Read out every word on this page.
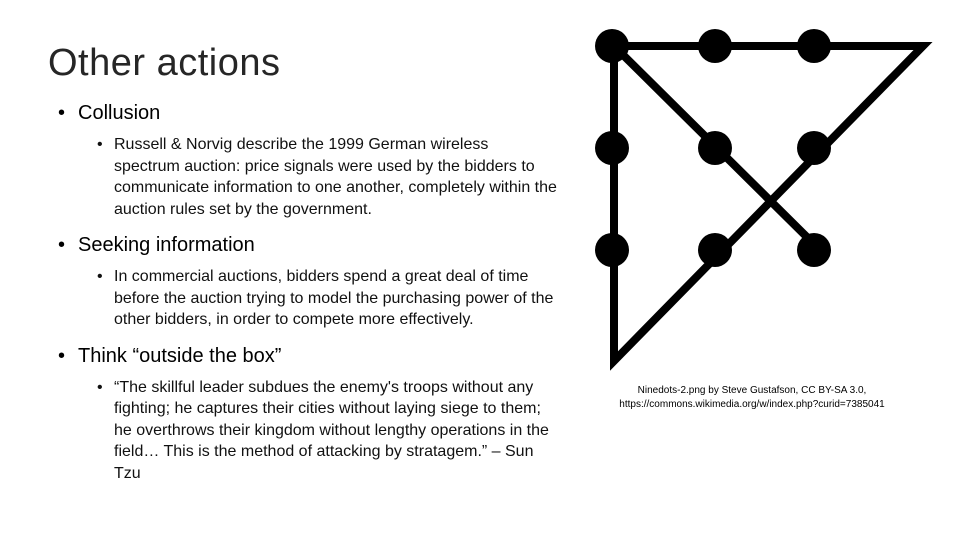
Other actions

• Collusion

• Russell & Norvig describe the 1999 German wireless spectrum auction: price signals were used by the bidders to communicate information to one another, completely within the auction rules set by the government.

• Seeking information

• In commercial auctions, bidders spend a great deal of time before the auction trying to model the purchasing power of the other bidders, in order to compete more effectively.

• Think “outside the box”

• “The skillful leader subdues the enemy's troops without any fighting; he captures their cities without laying siege to them; he overthrows their kingdom without lengthy operations in the field… This is the method of attacking by stratagem.” – Sun Tzu

Ninedots-2.png by Steve Gustafson, CC BY-SA 3.0,
https://commons.wikimedia.org/w/index.php?curid=7385041
